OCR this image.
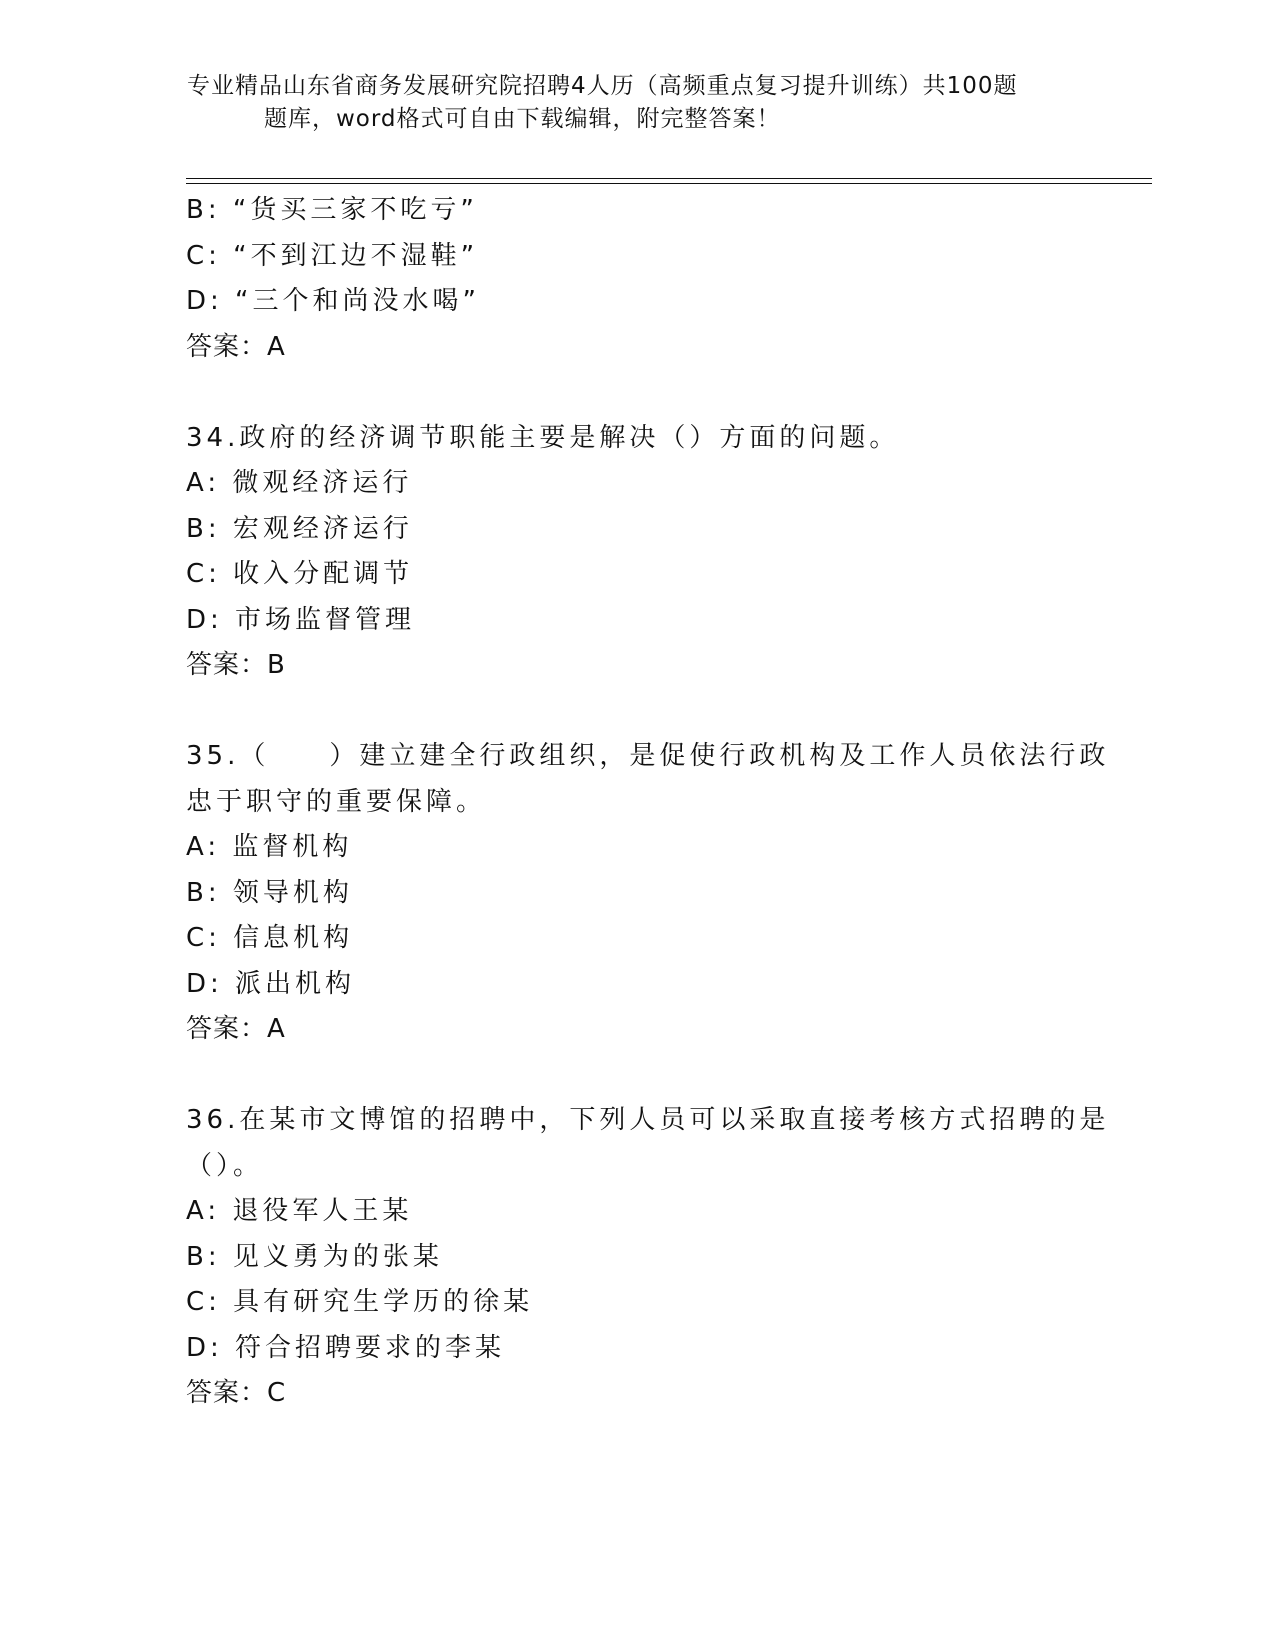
专业精品山东省商务发展研究院招聘4人历（高频重点复习提升训练）共100题
题库，word格式可自由下载编辑，附完整答案！
B: “货买三家不吃亏”
C: “不到江边不湿鞋”
D: “三个和尚没水喝”
答案：A
34.政府的经济调节职能主要是解决（）方面的问题。
A: 微观经济运行
B: 宏观经济运行
C: 收入分配调节
D: 市场监督管理
答案：B
35.（　　）建立建全行政组织，是促使行政机构及工作人员依法行政
忠于职守的重要保障。
A: 监督机构
B: 领导机构
C: 信息机构
D: 派出机构
答案：A
36.在某市文博馆的招聘中，下列人员可以采取直接考核方式招聘的是
（）。
A: 退役军人王某
B: 见义勇为的张某
C: 具有研究生学历的徐某
D: 符合招聘要求的李某
答案：C
